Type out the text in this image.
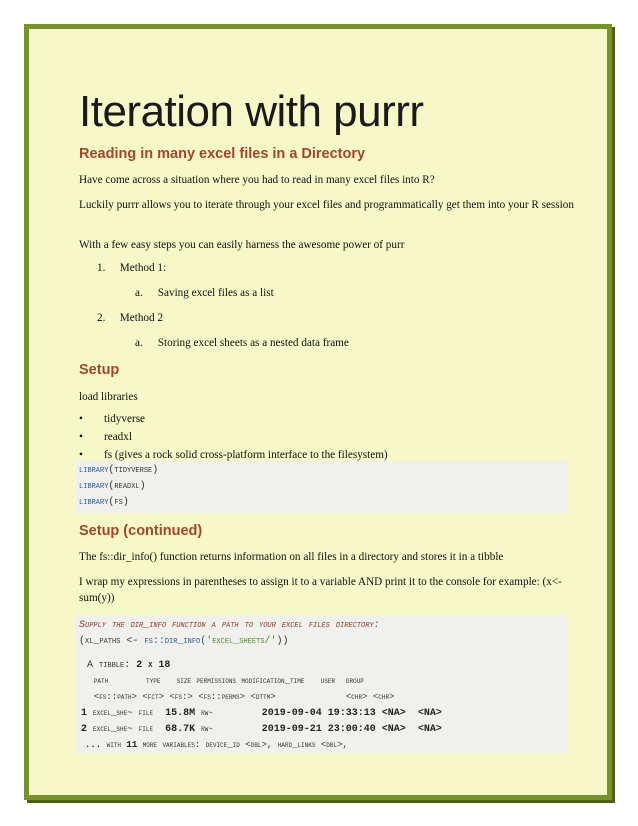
Iteration with purrr
Reading in many excel files in a Directory

Have come across a situation where you had to read in many excel files into R?

Luckily purrr allows you to iterate through your excel files and programmatically get them into your R session

With a few easy steps you can easily harness the awesome power of purr

1. Method 1:
a. Saving excel files as a list
2. Method 2
a. Storing excel sheets as a nested data frame
Setup

load libraries

• tidyverse
• readxl
• fs (gives a rock solid cross-platform interface to the filesystem)
library(tidyverse)
library(readxl)
library(fs)
Setup (continued)

The fs::dir_info() function returns information on all files in a directory and stores it in a tibble

I wrap my expressions in parentheses to assign it to a variable AND print it to the console for example: (x<-sum(y))

Supply the dir_info function a path to your excel files directory:
(xl_paths <- fs::dir_info('excel_sheets/'))
A tibble: 2 x 18
path       type   size permissions modification_time   user  group
<fs::path> <fct> <fs:> <fs::perms> <dttm>             <chr> <chr>
1 excel_she~ file 15.8M rw-	2019-09-04 19:33:13 <NA> <NA>
2 excel_she~ file 68.7K rw-	2019-09-21 23:00:40 <NA> <NA>
... with 11 more variables: device_id <dbl>, hard_links <dbl>,
